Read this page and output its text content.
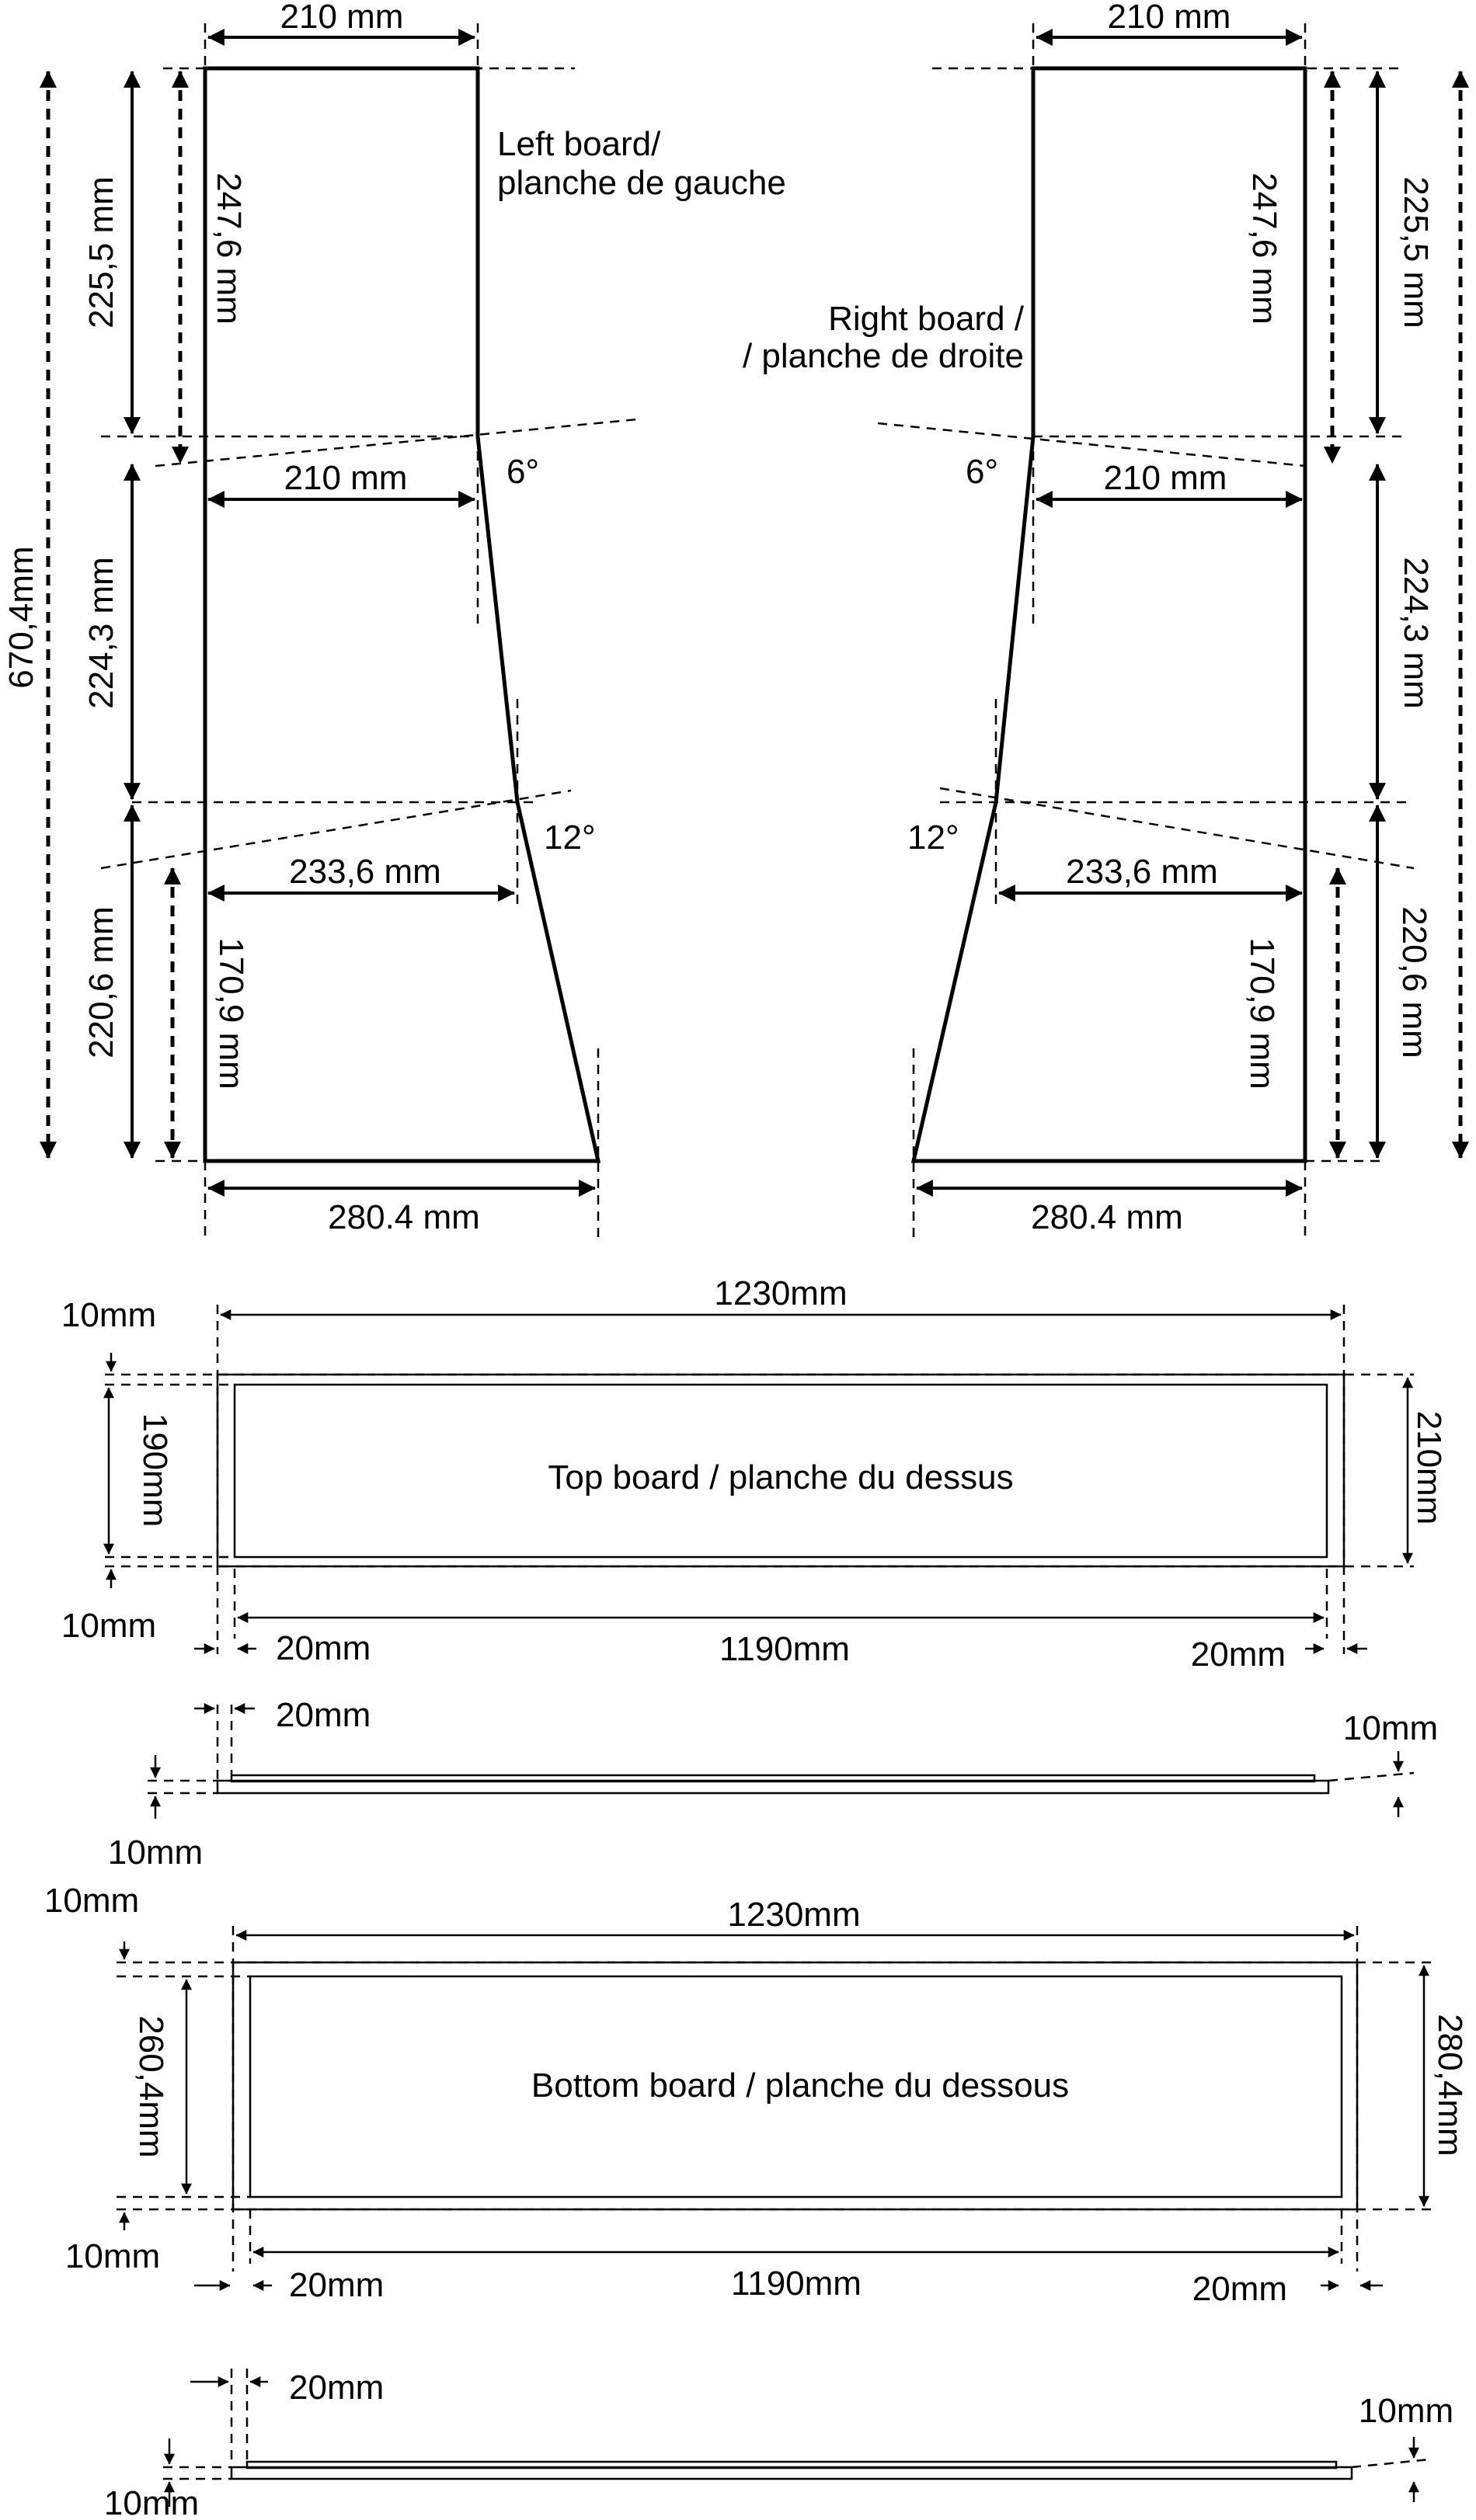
Left board/
planche de gauche
210 mm
225,5 mm	247,6 mm
210 mm	6°
224,3 mm
233,6 mm
12°
220,6 mm	170,9 mm
280.4 mm
670,4mm
Right board /
/ planche de droite
210 mm
225,5 mm
247,6 mm
210 mm
6°
224,3 mm
233,6 mm
12°
220,6 mm
170,9 mm
280.4 mm
Top board / planche du dessus
1230mm
1190mm
210mm
190mm
10mm
10mm
20mm	20mm
20mm	10mm
10mm
Bottom board / planche du dessous
1230mm
1190mm
280,4mm
260,4mm
10mm
10mm
20mm	20mm
20mm
10mm
10mm
